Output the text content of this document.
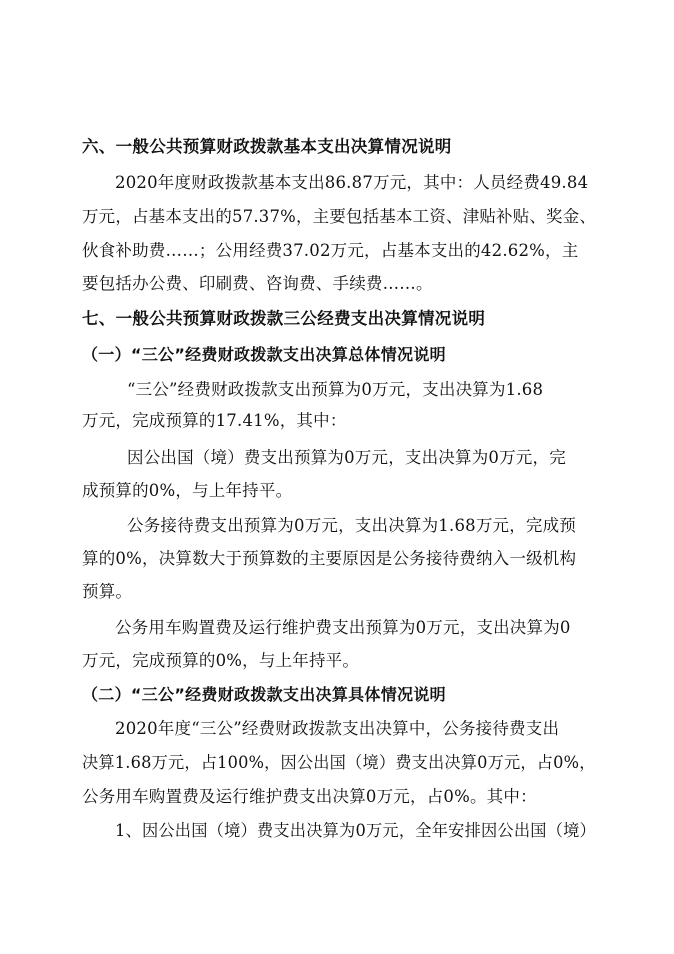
六、一般公共预算财政拨款基本支出决算情况说明
2020年度财政拨款基本支出86.87万元，其中：人员经费49.84
万元，占基本支出的57.37%，主要包括基本工资、津贴补贴、奖金、
伙食补助费……；公用经费37.02万元，占基本支出的42.62%，主
要包括办公费、印刷费、咨询费、手续费……。
七、一般公共预算财政拨款三公经费支出决算情况说明
（一）“三公”经费财政拨款支出决算总体情况说明
“三公”经费财政拨款支出预算为0万元，支出决算为1.68
万元，完成预算的17.41%，其中：
因公出国（境）费支出预算为0万元，支出决算为0万元，完
成预算的0%，与上年持平。
公务接待费支出预算为0万元，支出决算为1.68万元，完成预
算的0%，决算数大于预算数的主要原因是公务接待费纳入一级机构
预算。
公务用车购置费及运行维护费支出预算为0万元，支出决算为0
万元，完成预算的0%，与上年持平。
（二）“三公”经费财政拨款支出决算具体情况说明
2020年度“三公”经费财政拨款支出决算中，公务接待费支出
决算1.68万元，占100%，因公出国（境）费支出决算0万元，占0%，
公务用车购置费及运行维护费支出决算0万元，占0%。其中：
1、因公出国（境）费支出决算为0万元，全年安排因公出国（境）
